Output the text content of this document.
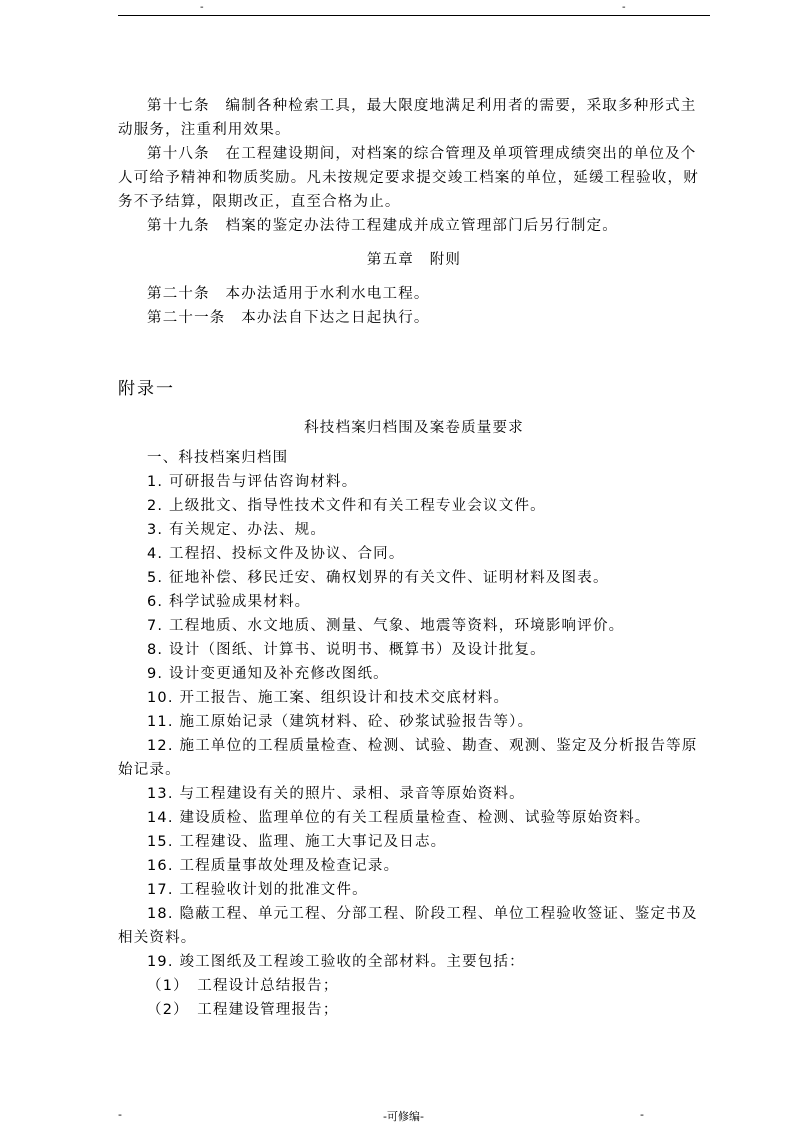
-	-

第十七条　编制各种检索工具，最大限度地满足利用者的需要，采取多种形式主动服务，注重利用效果。

第十八条　在工程建设期间，对档案的综合管理及单项管理成绩突出的单位及个人可给予精神和物质奖励。凡未按规定要求提交竣工档案的单位，延缓工程验收，财务不予结算，限期改正，直至合格为止。

第十九条　档案的鉴定办法待工程建成并成立管理部门后另行制定。

第五章　附则

第二十条　本办法适用于水利水电工程。

第二十一条　本办法自下达之日起执行。

附录一

科技档案归档围及案卷质量要求

一、科技档案归档围

1. 可研报告与评估咨询材料。

2. 上级批文、指导性技术文件和有关工程专业会议文件。

3. 有关规定、办法、规。

4. 工程招、投标文件及协议、合同。

5. 征地补偿、移民迁安、确权划界的有关文件、证明材料及图表。

6. 科学试验成果材料。

7. 工程地质、水文地质、测量、气象、地震等资料，环境影响评价。

8. 设计（图纸、计算书、说明书、概算书）及设计批复。

9. 设计变更通知及补充修改图纸。

10. 开工报告、施工案、组织设计和技术交底材料。

11. 施工原始记录（建筑材料、砼、砂浆试验报告等）。

12. 施工单位的工程质量检查、检测、试验、勘查、观测、鉴定及分析报告等原始记录。

13. 与工程建设有关的照片、录相、录音等原始资料。

14. 建设质检、监理单位的有关工程质量检查、检测、试验等原始资料。

15. 工程建设、监理、施工大事记及日志。

16. 工程质量事故处理及检查记录。

17. 工程验收计划的批准文件。

18. 隐蔽工程、单元工程、分部工程、阶段工程、单位工程验收签证、鉴定书及相关资料。

19. 竣工图纸及工程竣工验收的全部材料。主要包括：

（1）　工程设计总结报告；

（2）　工程建设管理报告；

-	-可修编-	-
